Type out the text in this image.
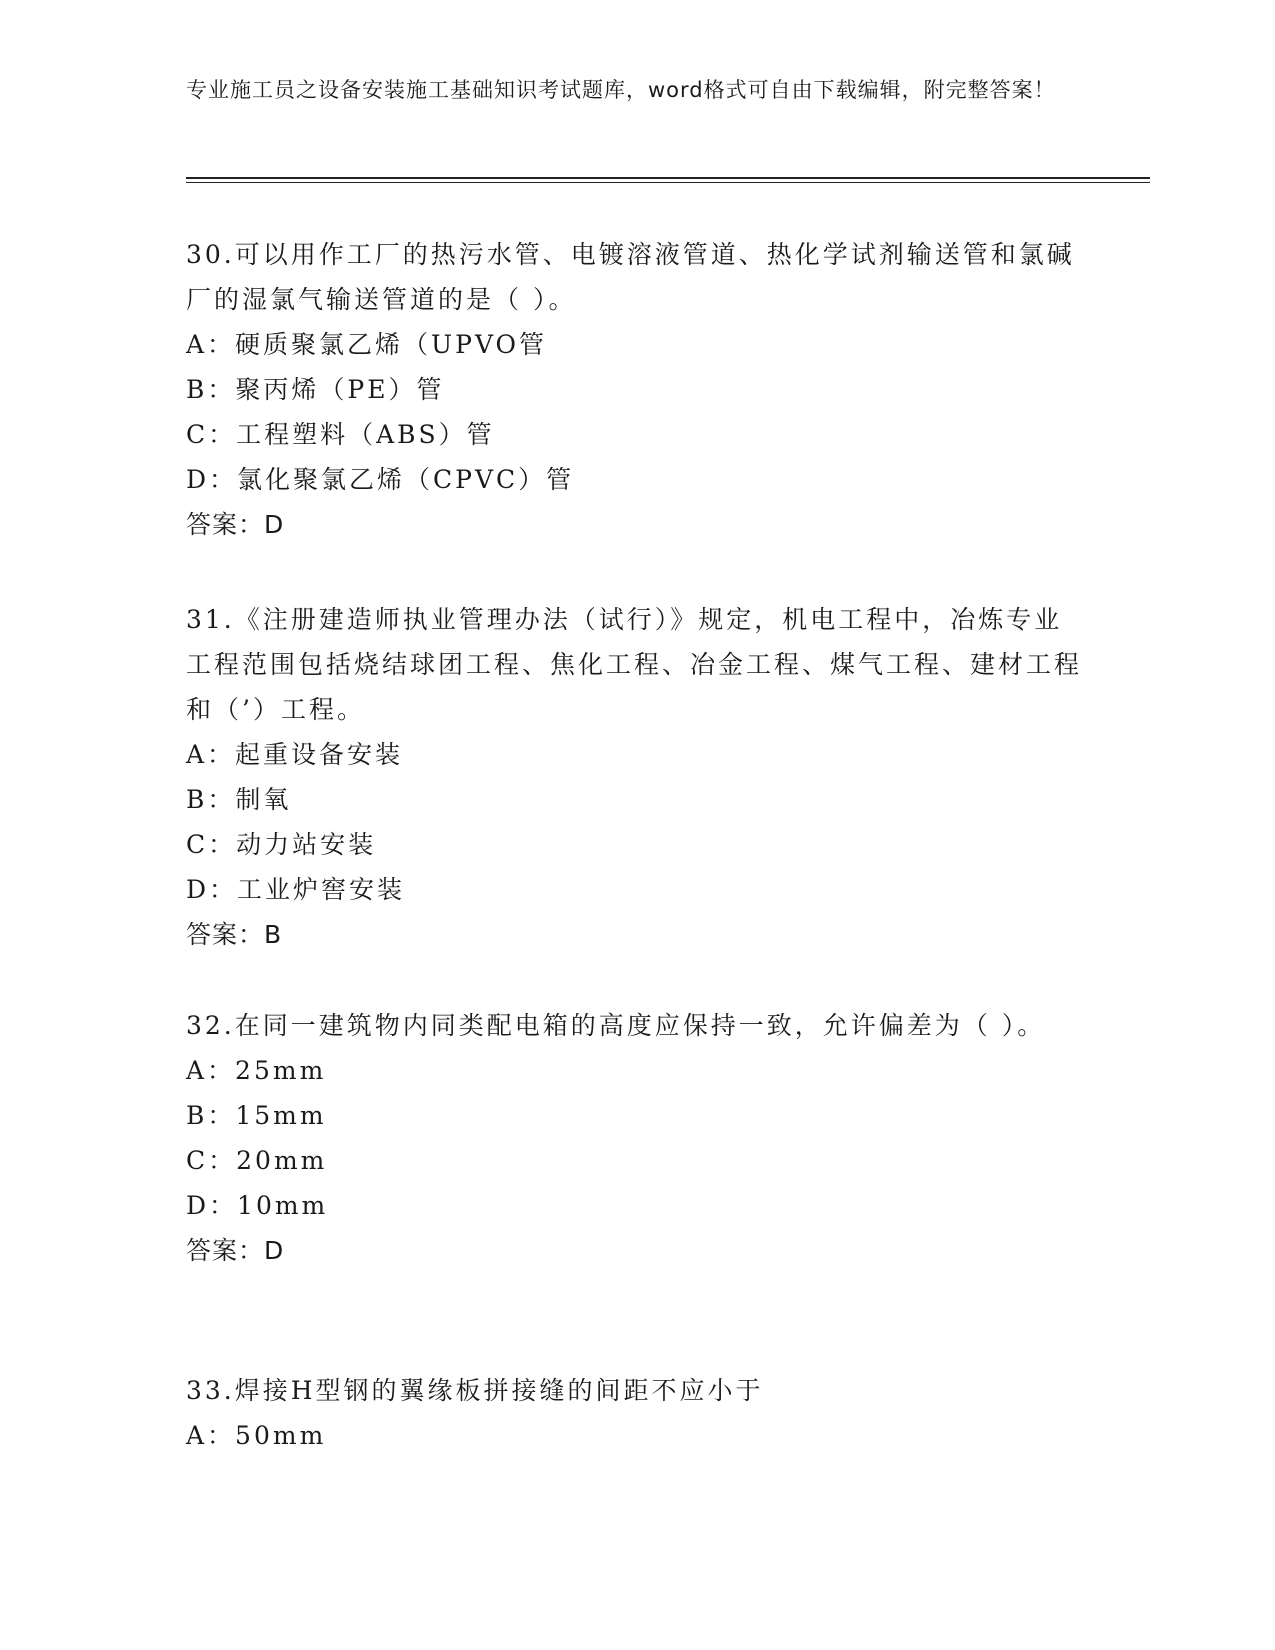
专业施工员之设备安装施工基础知识考试题库，word格式可自由下载编辑，附完整答案！

30.可以用作工厂的热污水管、电镀溶液管道、热化学试剂输送管和氯碱厂的湿氯气输送管道的是（ ）。

A：硬质聚氯乙烯（UPVO管
B：聚丙烯（PE）管
C：工程塑料（ABS）管
D：氯化聚氯乙烯（CPVC）管
答案：D

31.《注册建造师执业管理办法（试行）》规定，机电工程中，冶炼专业工程范围包括烧结球团工程、焦化工程、冶金工程、煤气工程、建材工程和（’）工程。

A：起重设备安装
B：制氧
C：动力站安装
D：工业炉窖安装
答案：B

32.在同一建筑物内同类配电箱的高度应保持一致，允许偏差为（ ）。

A：25mm
B：15mm
C：20mm
D：10mm
答案：D

33.焊接H型钢的翼缘板拼接缝的间距不应小于

A：50mm
